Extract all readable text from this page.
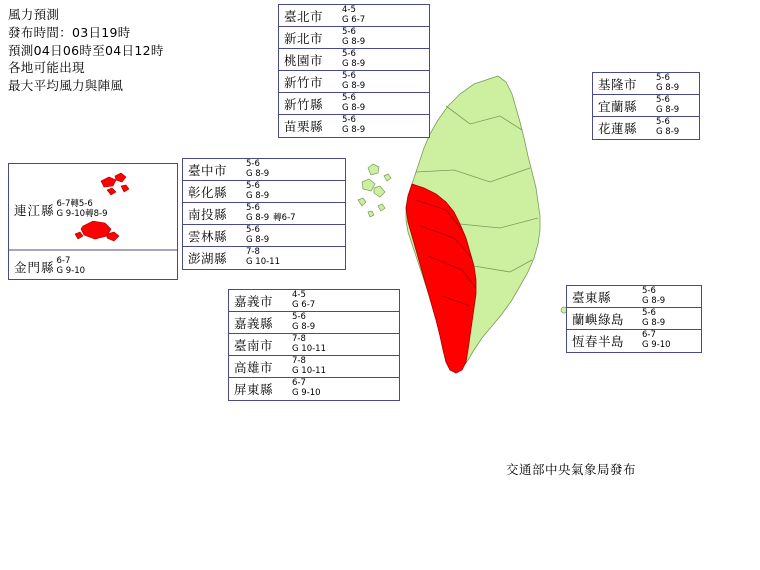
風力預測
發布時間：03日19時
預測04日06時至04日12時
各地可能出現
最大平均風力與陣風
臺北市	4-5
G 6-7
新北市	5-6
G 8-9
桃園市	5-6
G 8-9
新竹市	5-6
G 8-9
新竹縣	5-6
G 8-9
苗栗縣	5-6
G 8-9
基隆市	5-6
G 8-9
宜蘭縣	5-6
G 8-9
花蓮縣	5-6
G 8-9
臺中市	5-6
G 8-9
彰化縣	5-6
G 8-9
南投縣	5-6
G 8-9
轉6-7
雲林縣	5-6
G 8-9
澎湖縣	7-8
G 10-11
嘉義市	4-5
G 6-7
嘉義縣	5-6
G 8-9
臺南市	7-8
G 10-11
高雄市	7-8
G 10-11
屏東縣	6-7
G 9-10
臺東縣	5-6
G 8-9
蘭嶼綠島	5-6
G 8-9
恆春半島	6-7
G 9-10
連江縣 6-7轉5-6
G 9-10轉8-9
金門縣 6-7
G 9-10
交通部中央氣象局發布
